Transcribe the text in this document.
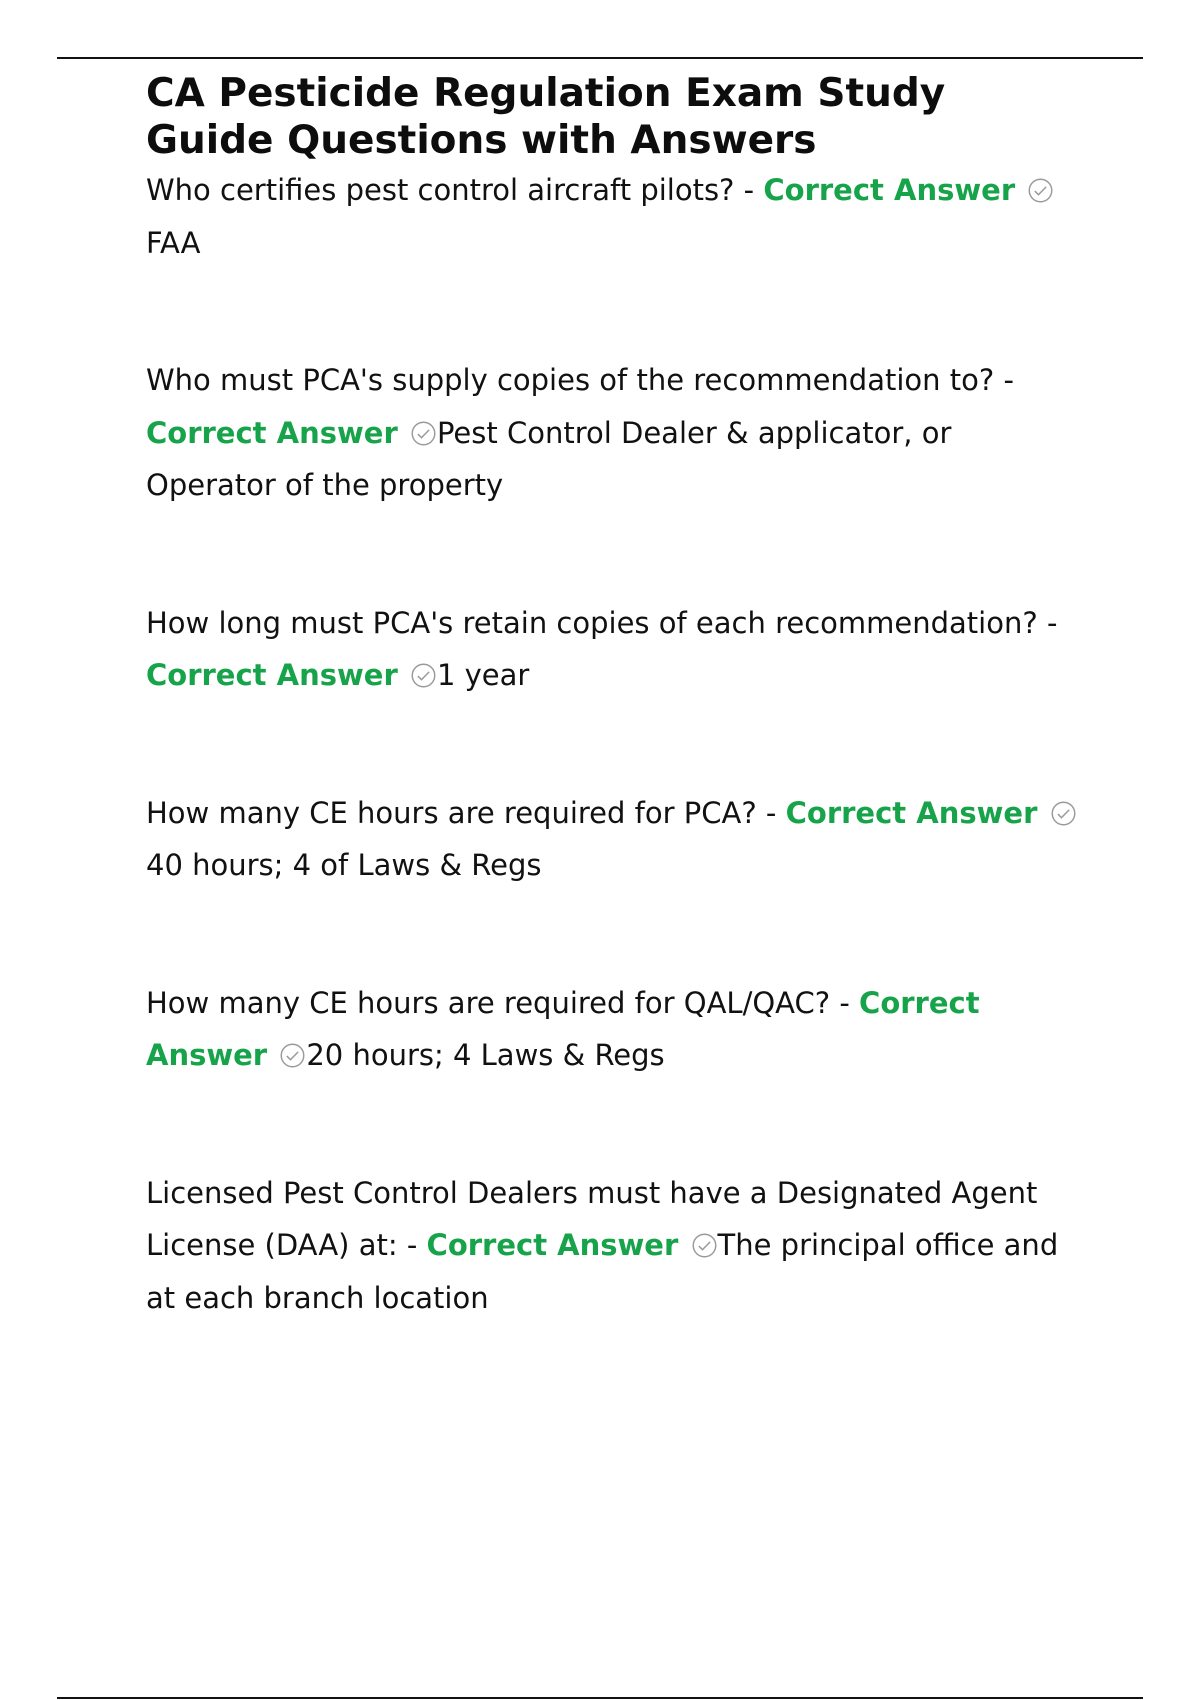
CA Pesticide Regulation Exam Study Guide Questions with Answers

Who certifies pest control aircraft pilots? - Correct Answer
FAA

Who must PCA's supply copies of the recommendation to? - Correct Answer Pest Control Dealer & applicator, or Operator of the property

How long must PCA's retain copies of each recommendation? - Correct Answer 1 year

How many CE hours are required for PCA? - Correct Answer
40 hours; 4 of Laws & Regs

How many CE hours are required for QAL/QAC? - Correct Answer 20 hours; 4 Laws & Regs

Licensed Pest Control Dealers must have a Designated Agent License (DAA) at: - Correct Answer The principal office and at each branch location
